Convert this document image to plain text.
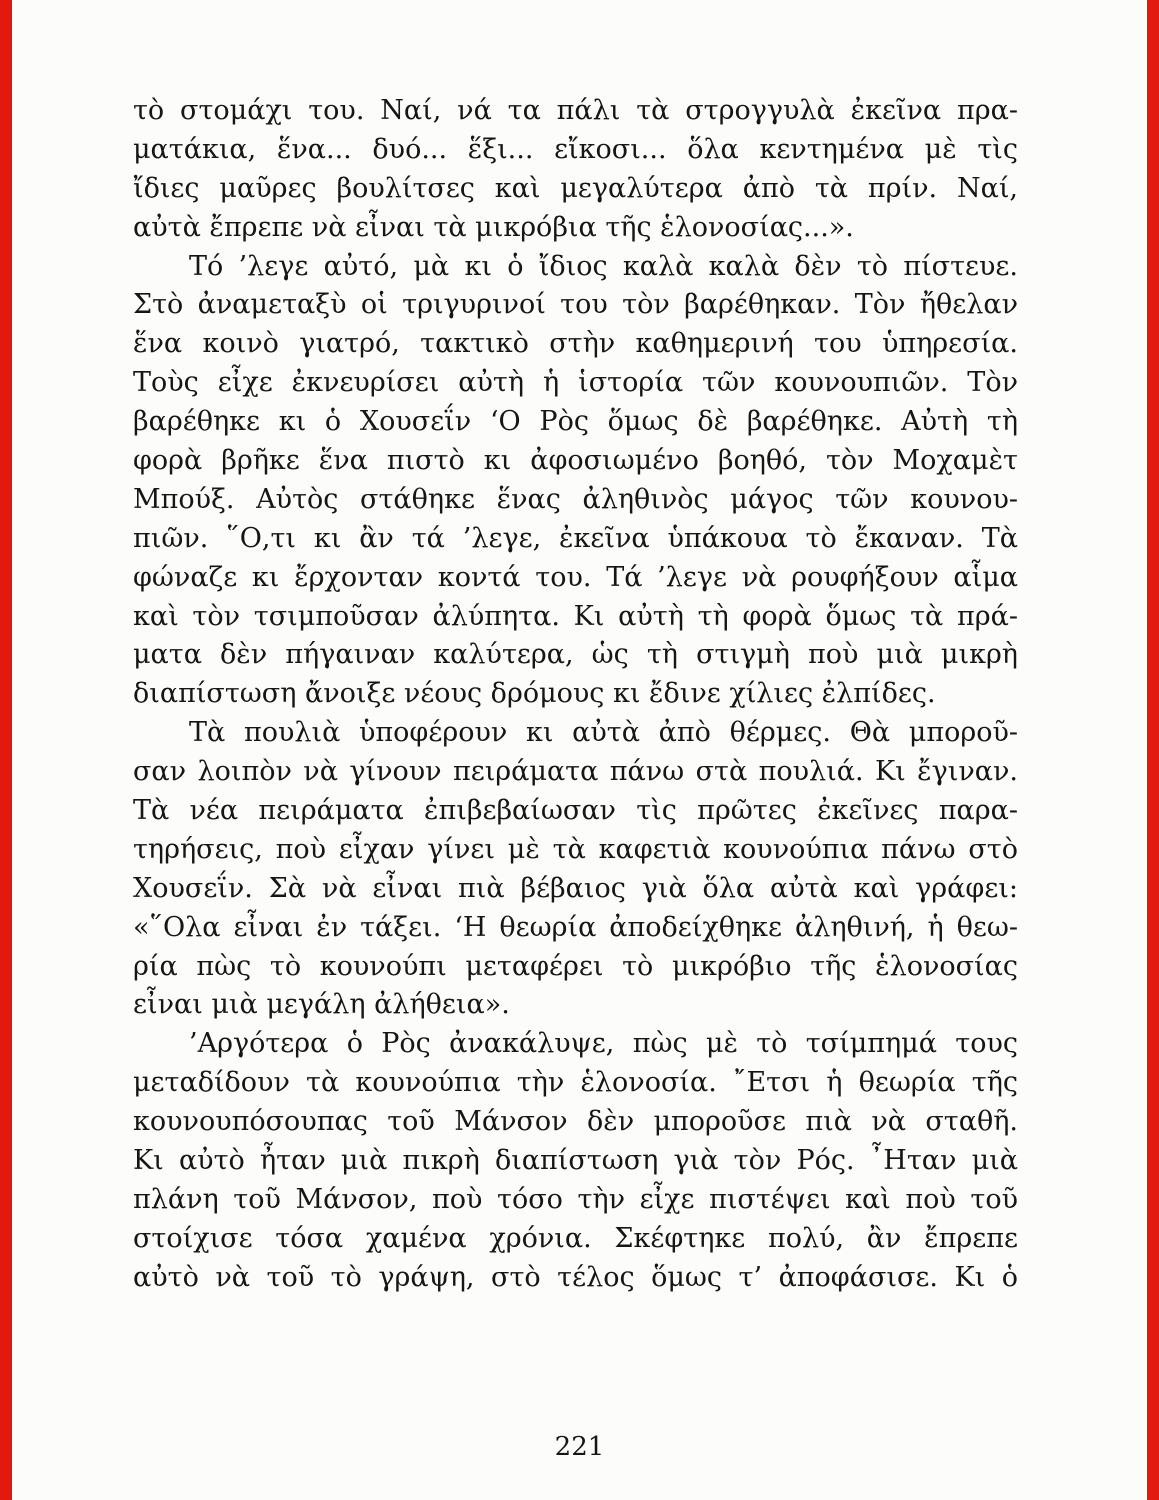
τὸ στομάχι του. Ναί, νά τα πάλι τὰ στρογγυλὰ ἐκεῖνα πρα-
ματάκια, ἕνα... δυό... ἕξι... εἴκοσι... ὅλα κεντημένα μὲ τὶς
ἴδιες μαῦρες βουλίτσες καὶ μεγαλύτερα ἀπὸ τὰ πρίν. Ναί,
αὐτὰ ἔπρεπε νὰ εἶναι τὰ μικρόβια τῆς ἑλονοσίας...».
Τό ’λεγε αὐτό, μὰ κι ὁ ἴδιος καλὰ καλὰ δὲν τὸ πίστευε.
Στὸ ἀναμεταξὺ οἱ τριγυρινοί του τὸν βαρέθηκαν. Τὸν ἤθελαν
ἕνα κοινὸ γιατρό, τακτικὸ στὴν καθημερινή του ὑπηρεσία.
Τοὺς εἶχε ἐκνευρίσει αὐτὴ ἡ ἱστορία τῶν κουνουπιῶν. Τὸν
βαρέθηκε κι ὁ Χουσεΐν ‘Ο Ρὸς ὅμως δὲ βαρέθηκε. Αὐτὴ τὴ
φορὰ βρῆκε ἕνα πιστὸ κι ἀφοσιωμένο βοηθό, τὸν Μοχαμὲτ
Μπούξ. Αὐτὸς στάθηκε ἕνας ἀληθινὸς μάγος τῶν κουνου-
πιῶν. ῞Ο,τι κι ἂν τά ’λεγε, ἐκεῖνα ὑπάκουα τὸ ἔκαναν. Τὰ
φώναζε κι ἔρχονταν κοντά του. Τά ’λεγε νὰ ρουφήξουν αἷμα
καὶ τὸν τσιμποῦσαν ἀλύπητα. Κι αὐτὴ τὴ φορὰ ὅμως τὰ πρά-
ματα δὲν πήγαιναν καλύτερα, ὡς τὴ στιγμὴ ποὺ μιὰ μικρὴ
διαπίστωση ἄνοιξε νέους δρόμους κι ἔδινε χίλιες ἐλπίδες.
Τὰ πουλιὰ ὑποφέρουν κι αὐτὰ ἀπὸ θέρμες. Θὰ μποροῦ-
σαν λοιπὸν νὰ γίνουν πειράματα πάνω στὰ πουλιά. Κι ἔγιναν.
Τὰ νέα πειράματα ἐπιβεβαίωσαν τὶς πρῶτες ἐκεῖνες παρα-
τηρήσεις, ποὺ εἶχαν γίνει μὲ τὰ καφετιὰ κουνούπια πάνω στὸ
Χουσεΐν. Σὰ νὰ εἶναι πιὰ βέβαιος γιὰ ὅλα αὐτὰ καὶ γράφει:
«῞Ολα εἶναι ἐν τάξει. ‘Η θεωρία ἀποδείχθηκε ἀληθινή, ἡ θεω-
ρία πὼς τὸ κουνούπι μεταφέρει τὸ μικρόβιο τῆς ἑλονοσίας
εἶναι μιὰ μεγάλη ἀλήθεια».
’Αργότερα ὁ Ρὸς ἀνακάλυψε, πὼς μὲ τὸ τσίμπημά τους
μεταδίδουν τὰ κουνούπια τὴν ἑλονοσία. ῎Ετσι ἡ θεωρία τῆς
κουνουπόσουπας τοῦ Μάνσον δὲν μποροῦσε πιὰ νὰ σταθῆ.
Κι αὐτὸ ἦταν μιὰ πικρὴ διαπίστωση γιὰ τὸν Ρός. ῏Ηταν μιὰ
πλάνη τοῦ Μάνσον, ποὺ τόσο τὴν εἶχε πιστέψει καὶ ποὺ τοῦ
στοίχισε τόσα χαμένα χρόνια. Σκέφτηκε πολύ, ἂν ἔπρεπε
αὐτὸ νὰ τοῦ τὸ γράψη, στὸ τέλος ὅμως τ’ ἀποφάσισε. Κι ὁ
221
